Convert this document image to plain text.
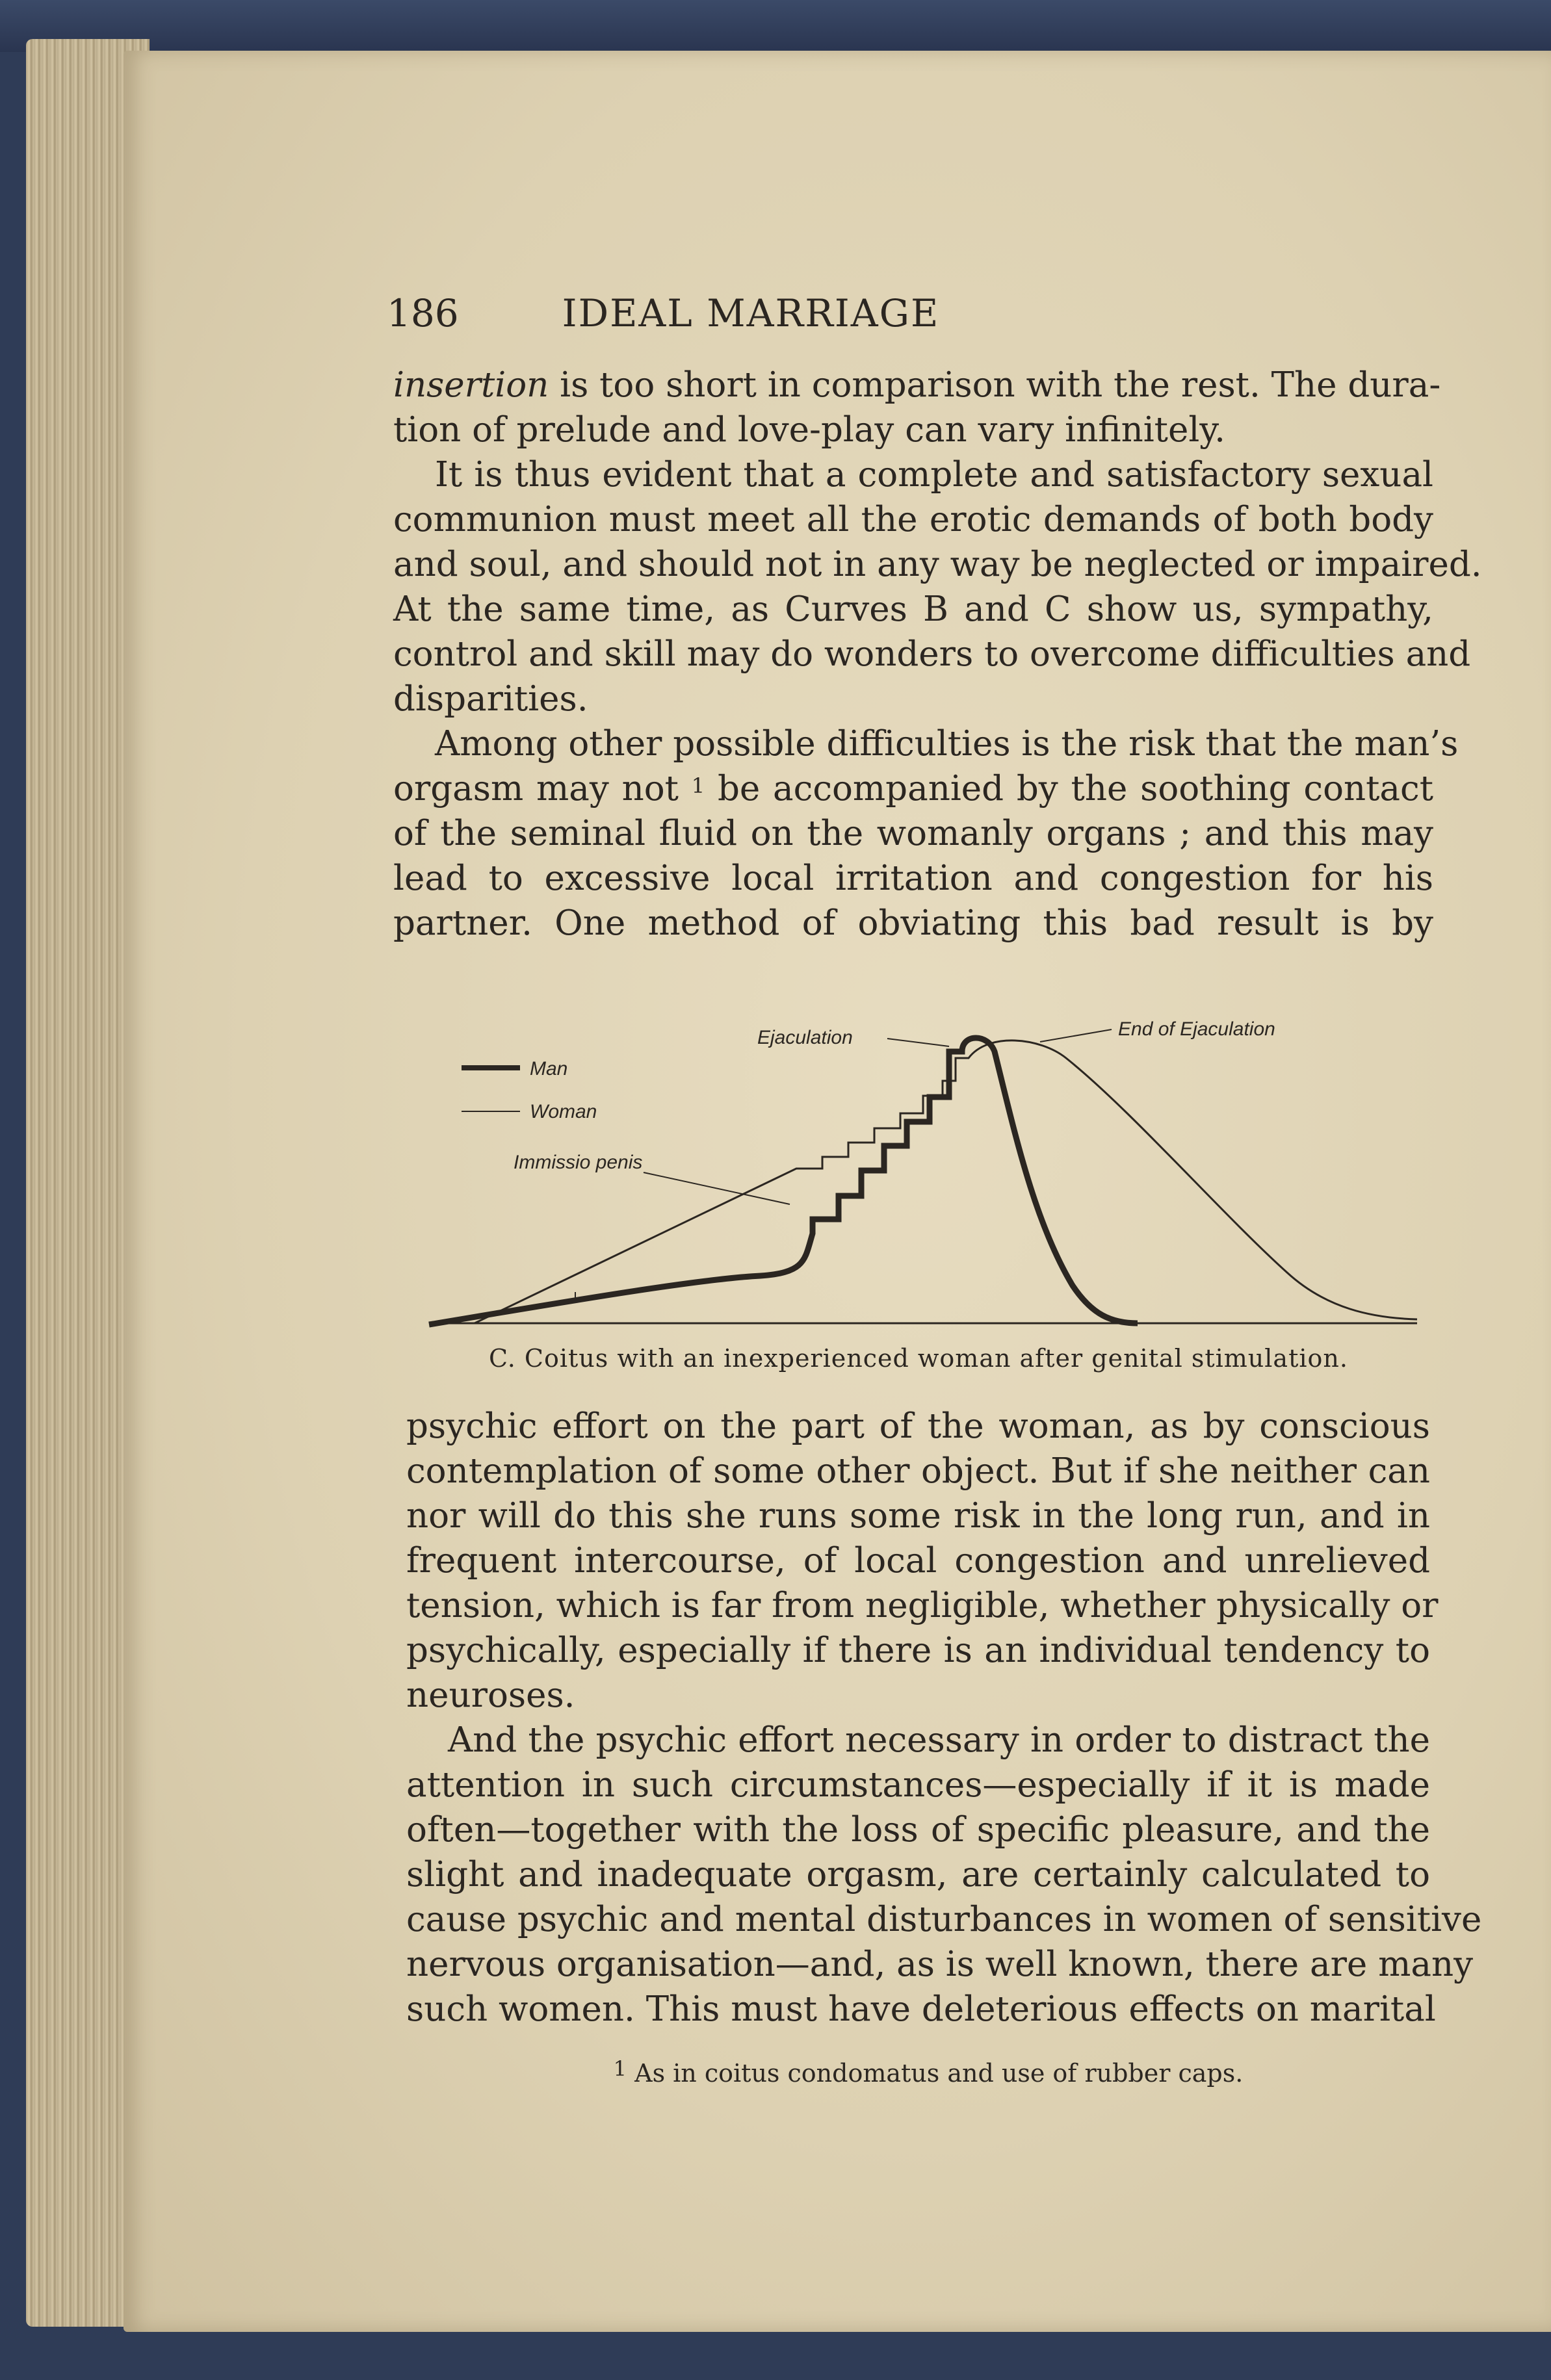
186	IDEAL MARRIAGE
insertion is too short in comparison with the rest. The dura-
tion of prelude and love-play can vary infinitely.
It is thus evident that a complete and satisfactory sexual
communion must meet all the erotic demands of both body
and soul, and should not in any way be neglected or impaired.
At the same time, as Curves B and C show us, sympathy,
control and skill may do wonders to overcome difficulties and
disparities.
Among other possible difficulties is the risk that the man’s
orgasm may not $^1$ be accompanied by the soothing contact
of the seminal fluid on the womanly organs ; and this may
lead to excessive local irritation and congestion for his
partner. One method of obviating this bad result is by
Man
Woman
Ejaculation	End of Ejaculation
Immissio penis
C. Coitus with an inexperienced woman after genital stimulation.
psychic effort on the part of the woman, as by conscious
contemplation of some other object. But if she neither can
nor will do this she runs some risk in the long run, and in
frequent intercourse, of local congestion and unrelieved
tension, which is far from negligible, whether physically or
psychically, especially if there is an individual tendency to
neuroses.
And the psychic effort necessary in order to distract the
attention in such circumstances—especially if it is made
often—together with the loss of specific pleasure, and the
slight and inadequate orgasm, are certainly calculated to
cause psychic and mental disturbances in women of sensitive
nervous organisation—and, as is well known, there are many
such women. This must have deleterious effects on marital
$^1$ As in coitus condomatus and use of rubber caps.
